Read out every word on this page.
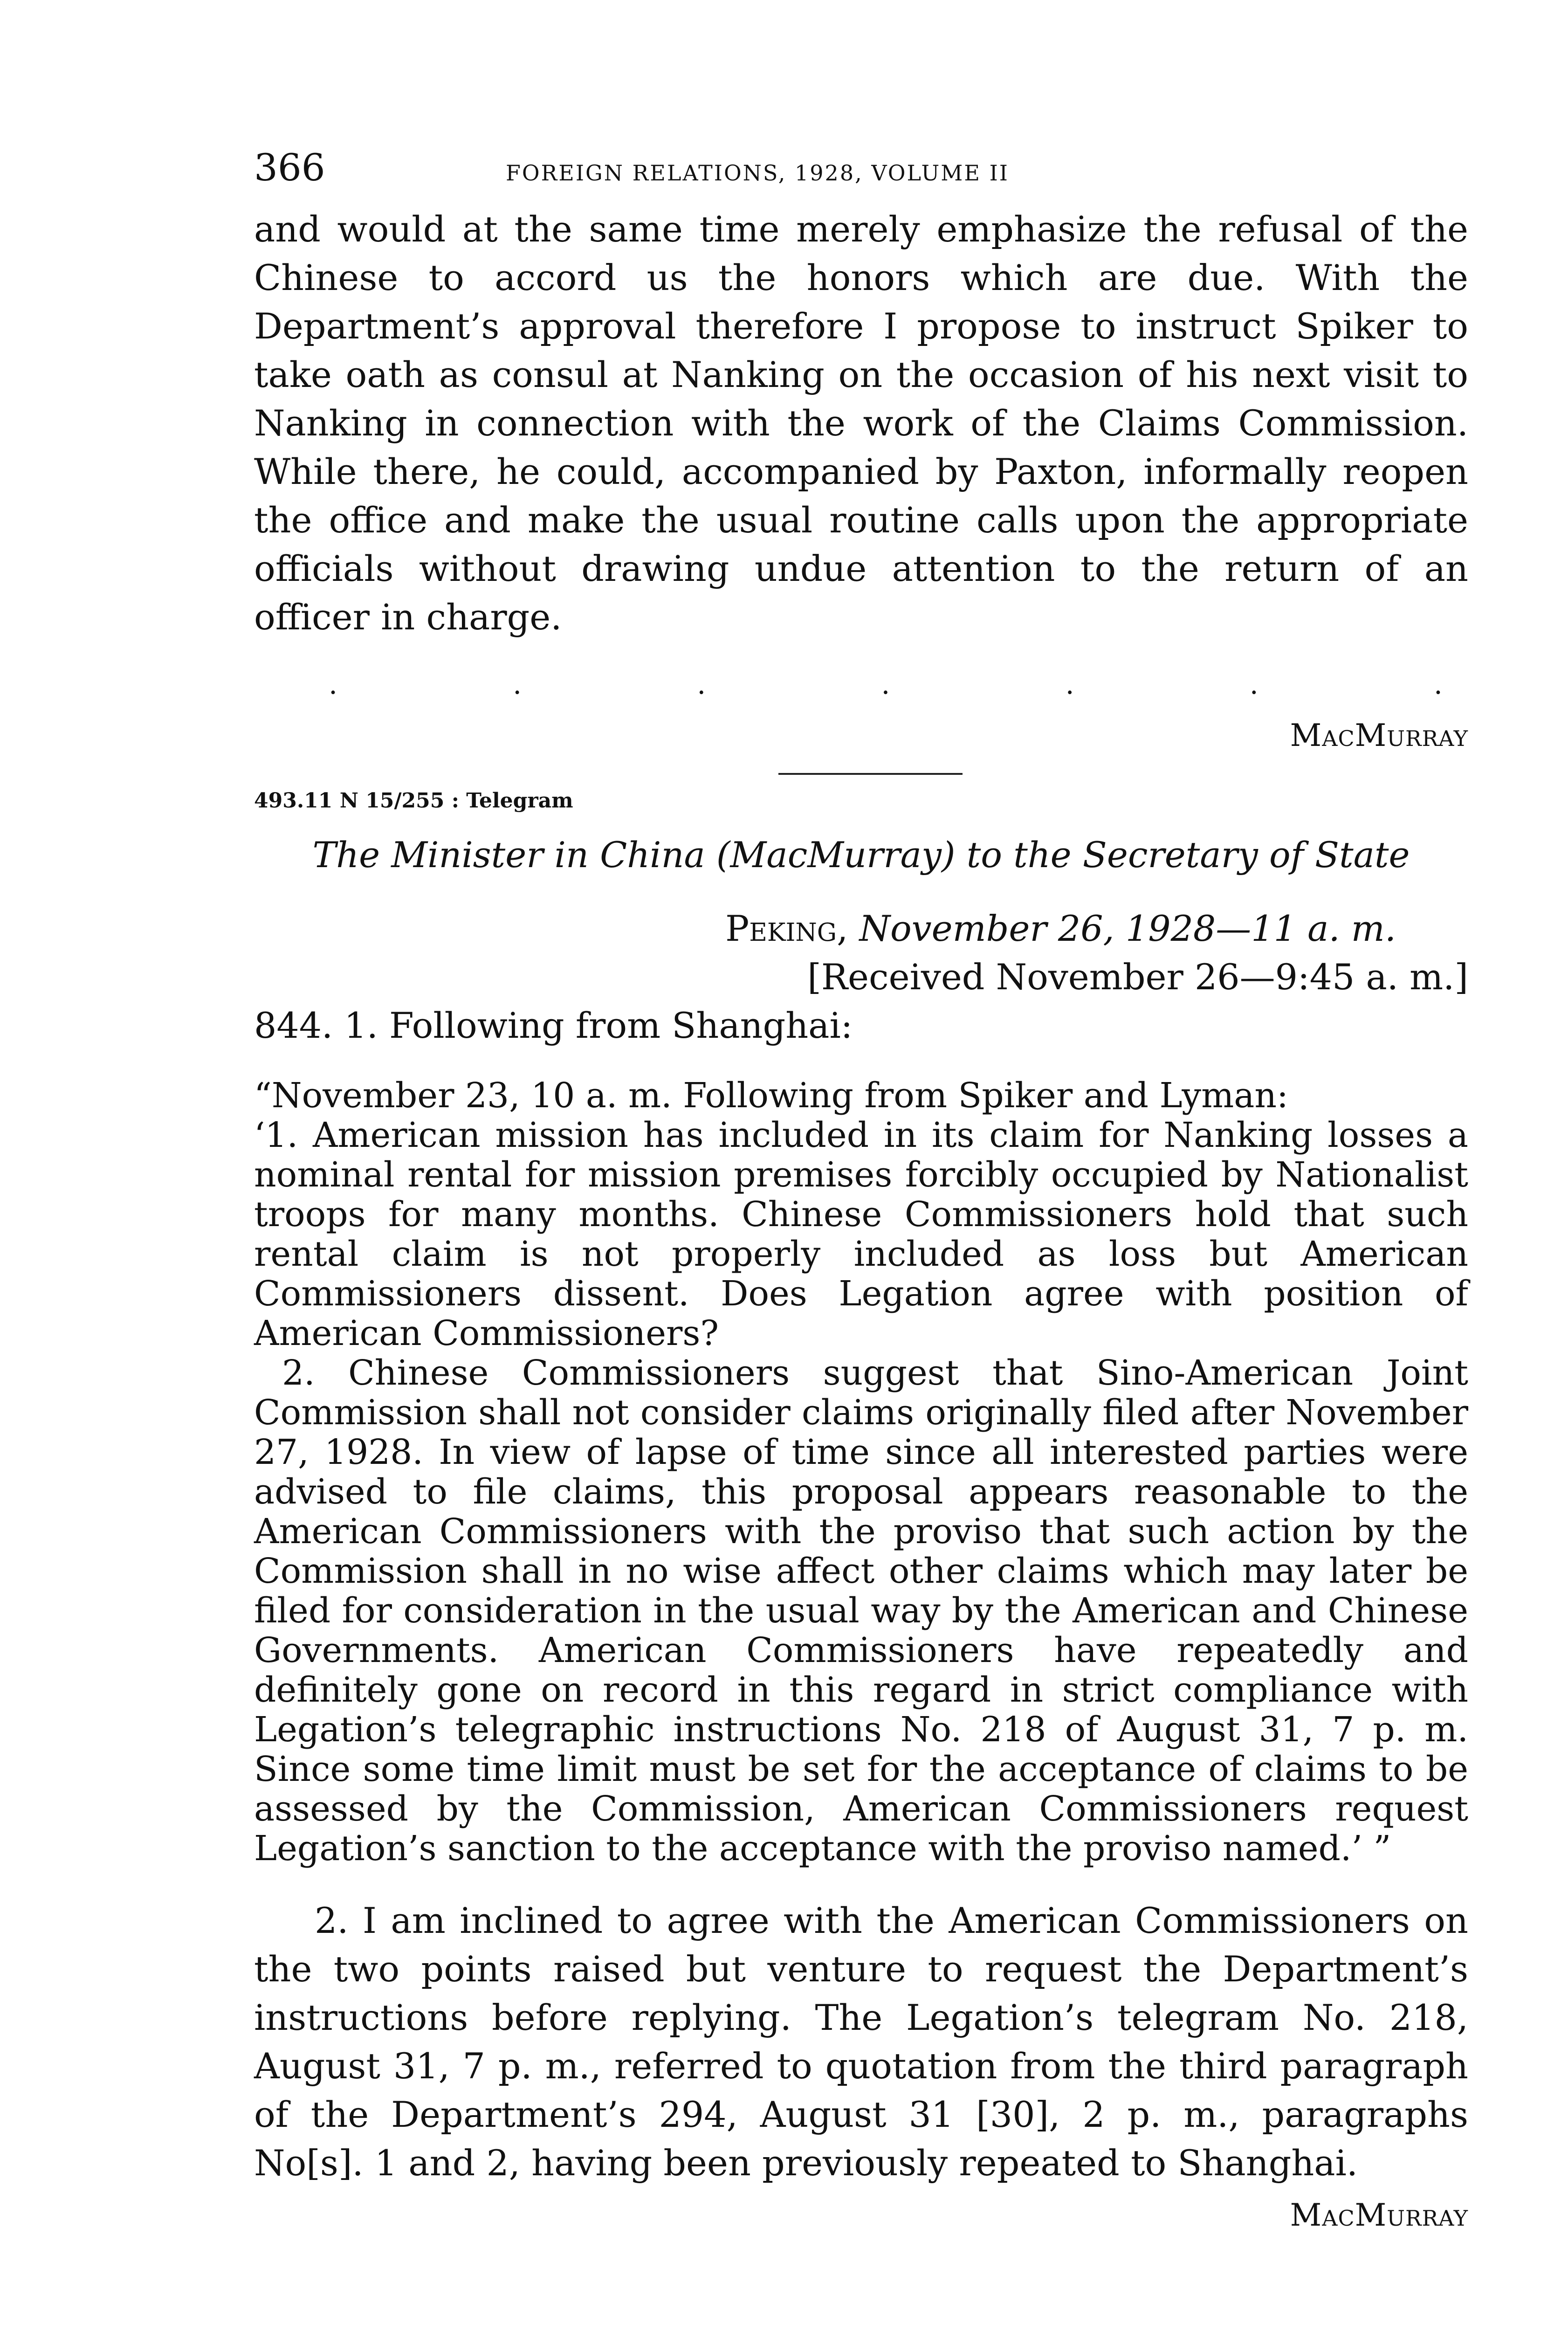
366	FOREIGN RELATIONS, 1928, VOLUME II

and would at the same time merely emphasize the refusal of the Chinese to accord us the honors which are due. With the Department’s approval therefore I propose to instruct Spiker to take oath as consul at Nanking on the occasion of his next visit to Nanking in connection with the work of the Claims Commission. While there, he could, accompanied by Paxton, informally reopen the office and make the usual routine calls upon the appropriate officials without drawing undue attention to the return of an officer in charge.

.	.	.	.	.	.	.
MacMurray
493.11 N 15/255 : Telegram
The Minister in China (MacMurray) to the Secretary of State
Peking, November 26, 1928—11 a. m.
[Received November 26—9:45 a. m.]
844. 1. Following from Shanghai:

“November 23, 10 a. m. Following from Spiker and Lyman:

‘1. American mission has included in its claim for Nanking losses a nominal rental for mission premises forcibly occupied by Nationalist troops for many months. Chinese Commissioners hold that such rental claim is not properly included as loss but American Commissioners dissent. Does Legation agree with position of American Commissioners?

2. Chinese Commissioners suggest that Sino-American Joint Commission shall not consider claims originally filed after November 27, 1928. In view of lapse of time since all interested parties were advised to file claims, this proposal appears reasonable to the American Commissioners with the proviso that such action by the Commission shall in no wise affect other claims which may later be filed for consideration in the usual way by the American and Chinese Governments. American Commissioners have repeatedly and definitely gone on record in this regard in strict compliance with Legation’s telegraphic instructions No. 218 of August 31, 7 p. m. Since some time limit must be set for the acceptance of claims to be assessed by the Commission, American Commissioners request Legation’s sanction to the acceptance with the proviso named.’ ”

2. I am inclined to agree with the American Commissioners on the two points raised but venture to request the Department’s instructions before replying. The Legation’s telegram No. 218, August 31, 7 p. m., referred to quotation from the third paragraph of the Department’s 294, August 31 [30], 2 p. m., paragraphs No[s]. 1 and 2, having been previously repeated to Shanghai.

MacMurray
